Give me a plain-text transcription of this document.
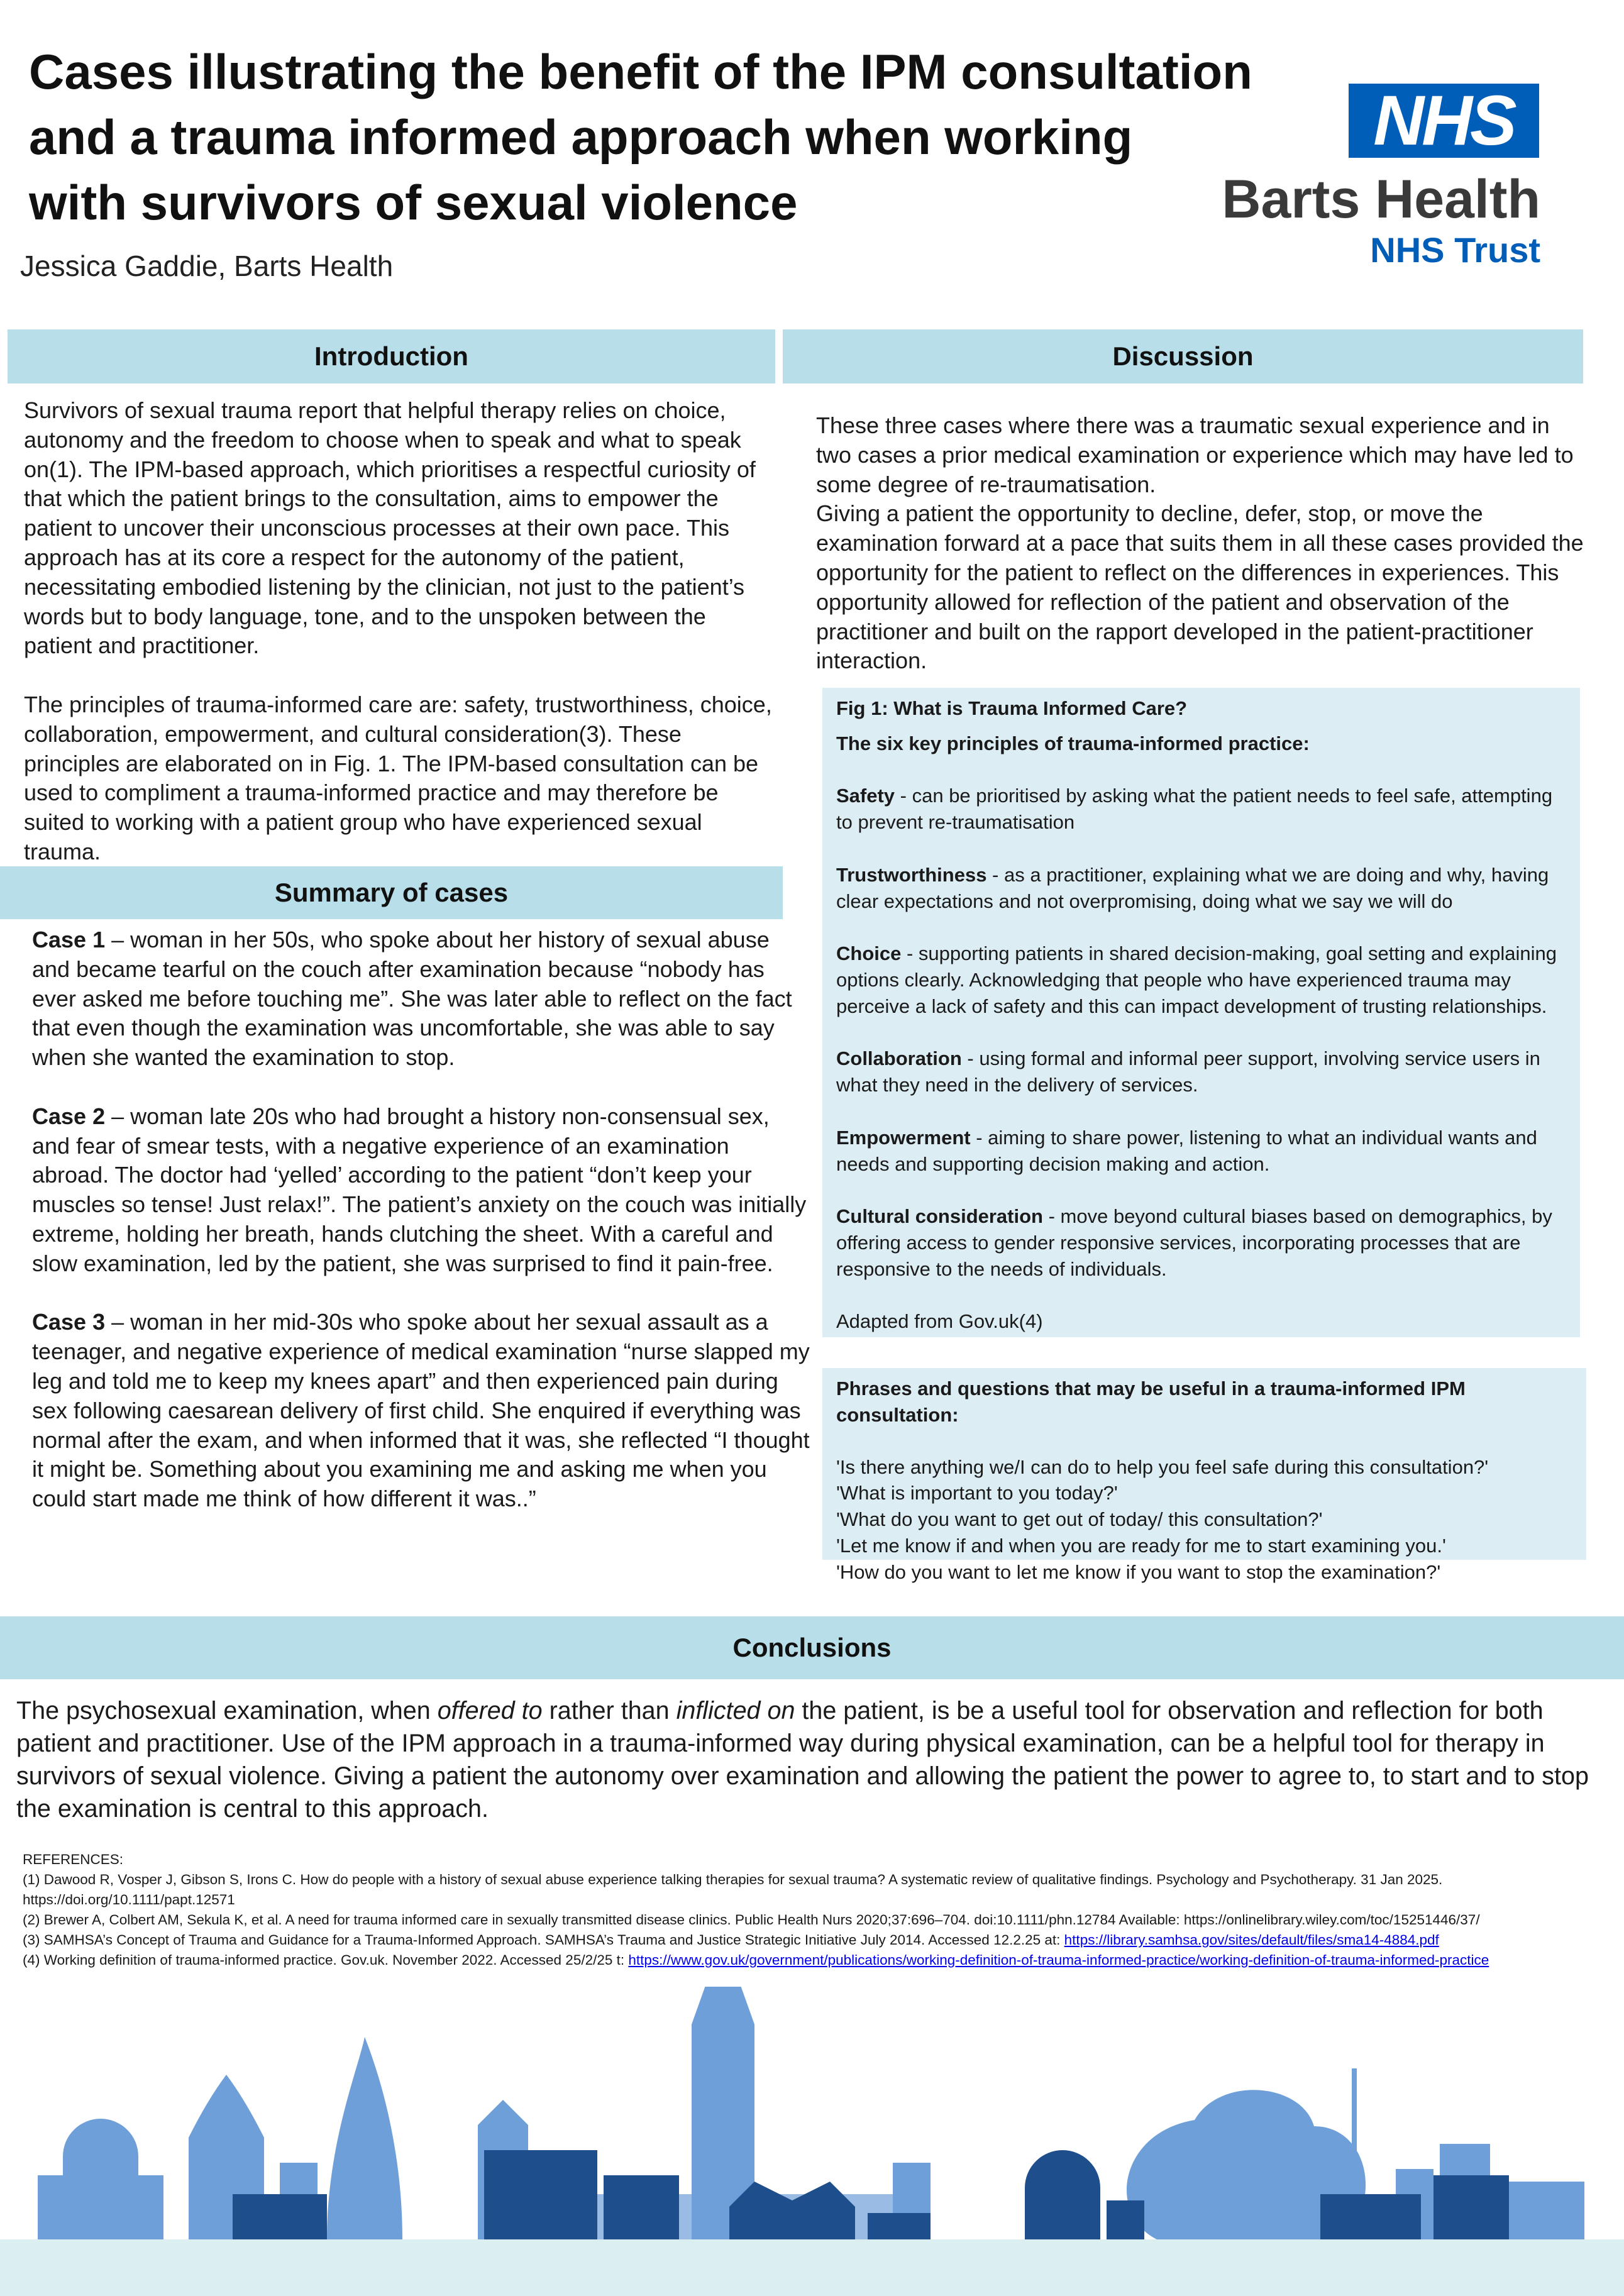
Cases illustrating the benefit of the IPM consultation
and a trauma informed approach when working
with survivors of sexual violence
Jessica Gaddie, Barts Health
NHS
Barts Health
NHS Trust
Introduction

Survivors of sexual trauma report that helpful therapy relies on choice, autonomy and the freedom to choose when to speak and what to speak on(1). The IPM-based approach, which prioritises a respectful curiosity of that which the patient brings to the consultation, aims to empower the patient to uncover their unconscious processes at their own pace. This approach has at its core a respect for the autonomy of the patient, necessitating embodied listening by the clinician, not just to the patient’s words but to body language, tone, and to the unspoken between the patient and practitioner.

The principles of trauma-informed care are: safety, trustworthiness, choice, collaboration, empowerment, and cultural consideration(3). These principles are elaborated on in Fig. 1. The IPM-based consultation can be used to compliment a trauma-informed practice and may therefore be suited to working with a patient group who have experienced sexual trauma.

Summary of cases

Case 1 – woman in her 50s, who spoke about her history of sexual abuse and became tearful on the couch after examination because “nobody has ever asked me before touching me”. She was later able to reflect on the fact that even though the examination was uncomfortable, she was able to say when she wanted the examination to stop.

Case 2 – woman late 20s who had brought a history non-consensual sex, and fear of smear tests, with a negative experience of an examination abroad. The doctor had ‘yelled’ according to the patient “don’t keep your muscles so tense! Just relax!”. The patient’s anxiety on the couch was initially extreme, holding her breath, hands clutching the sheet. With a careful and slow examination, led by the patient, she was surprised to find it pain-free.

Case 3 – woman in her mid-30s who spoke about her sexual assault as a teenager, and negative experience of medical examination “nurse slapped my leg and told me to keep my knees apart” and then experienced pain during sex following caesarean delivery of first child. She enquired if everything was normal after the exam, and when informed that it was, she reflected “I thought it might be. Something about you examining me and asking me when you could start made me think of how different it was..”

Discussion
These three cases where there was a traumatic sexual experience and in two cases a prior medical examination or experience which may have led to some degree of re-traumatisation.
Giving a patient the opportunity to decline, defer, stop, or move the examination forward at a pace that suits them in all these cases provided the opportunity for the patient to reflect on the differences in experiences. This opportunity allowed for reflection of the patient and observation of the practitioner and built on the rapport developed in the patient-practitioner interaction.
Fig 1: What is Trauma Informed Care?

The six key principles of trauma-informed practice:

Safety - can be prioritised by asking what the patient needs to feel safe, attempting to prevent re-traumatisation

Trustworthiness - as a practitioner, explaining what we are doing and why, having clear expectations and not overpromising, doing what we say we will do

Choice - supporting patients in shared decision-making, goal setting and explaining options clearly. Acknowledging that people who have experienced trauma may perceive a lack of safety and this can impact development of trusting relationships.

Collaboration - using formal and informal peer support, involving service users in what they need in the delivery of services.

Empowerment - aiming to share power, listening to what an individual wants and needs and supporting decision making and action.

Cultural consideration - move beyond cultural biases based on demographics, by offering access to gender responsive services, incorporating processes that are responsive to the needs of individuals.

Adapted from Gov.uk(4)
Phrases and questions that may be useful in a trauma-informed IPM consultation:
'Is there anything we/I can do to help you feel safe during this consultation?'
'What is important to you today?'
'What do you want to get out of today/ this consultation?'
'Let me know if and when you are ready for me to start examining you.'
'How do you want to let me know if you want to stop the examination?'
Conclusions
The psychosexual examination, when offered to rather than inflicted on the patient, is be a useful tool for observation and reflection for both patient and practitioner. Use of the IPM approach in a trauma-informed way during physical examination, can be a helpful tool for therapy in survivors of sexual violence. Giving a patient the autonomy over examination and allowing the patient the power to agree to, to start and to stop the examination is central to this approach.
REFERENCES:
(1) Dawood R, Vosper J, Gibson S, Irons C. How do people with a history of sexual abuse experience talking therapies for sexual trauma? A systematic review of qualitative findings. Psychology and Psychotherapy. 31 Jan 2025. https://doi.org/10.1111/papt.12571
(2) Brewer A, Colbert AM, Sekula K, et al. A need for trauma informed care in sexually transmitted disease clinics. Public Health Nurs 2020;37:696–704. doi:10.1111/phn.12784 Available: https://onlinelibrary.wiley.com/toc/15251446/37/
(3) SAMHSA’s Concept of Trauma and Guidance for a Trauma-Informed Approach. SAMHSA’s Trauma and Justice Strategic Initiative July 2014. Accessed 12.2.25 at: https://library.samhsa.gov/sites/default/files/sma14-4884.pdf
(4) Working definition of trauma-informed practice. Gov.uk. November 2022. Accessed 25/2/25 t: https://www.gov.uk/government/publications/working-definition-of-trauma-informed-practice/working-definition-of-trauma-informed-practice
